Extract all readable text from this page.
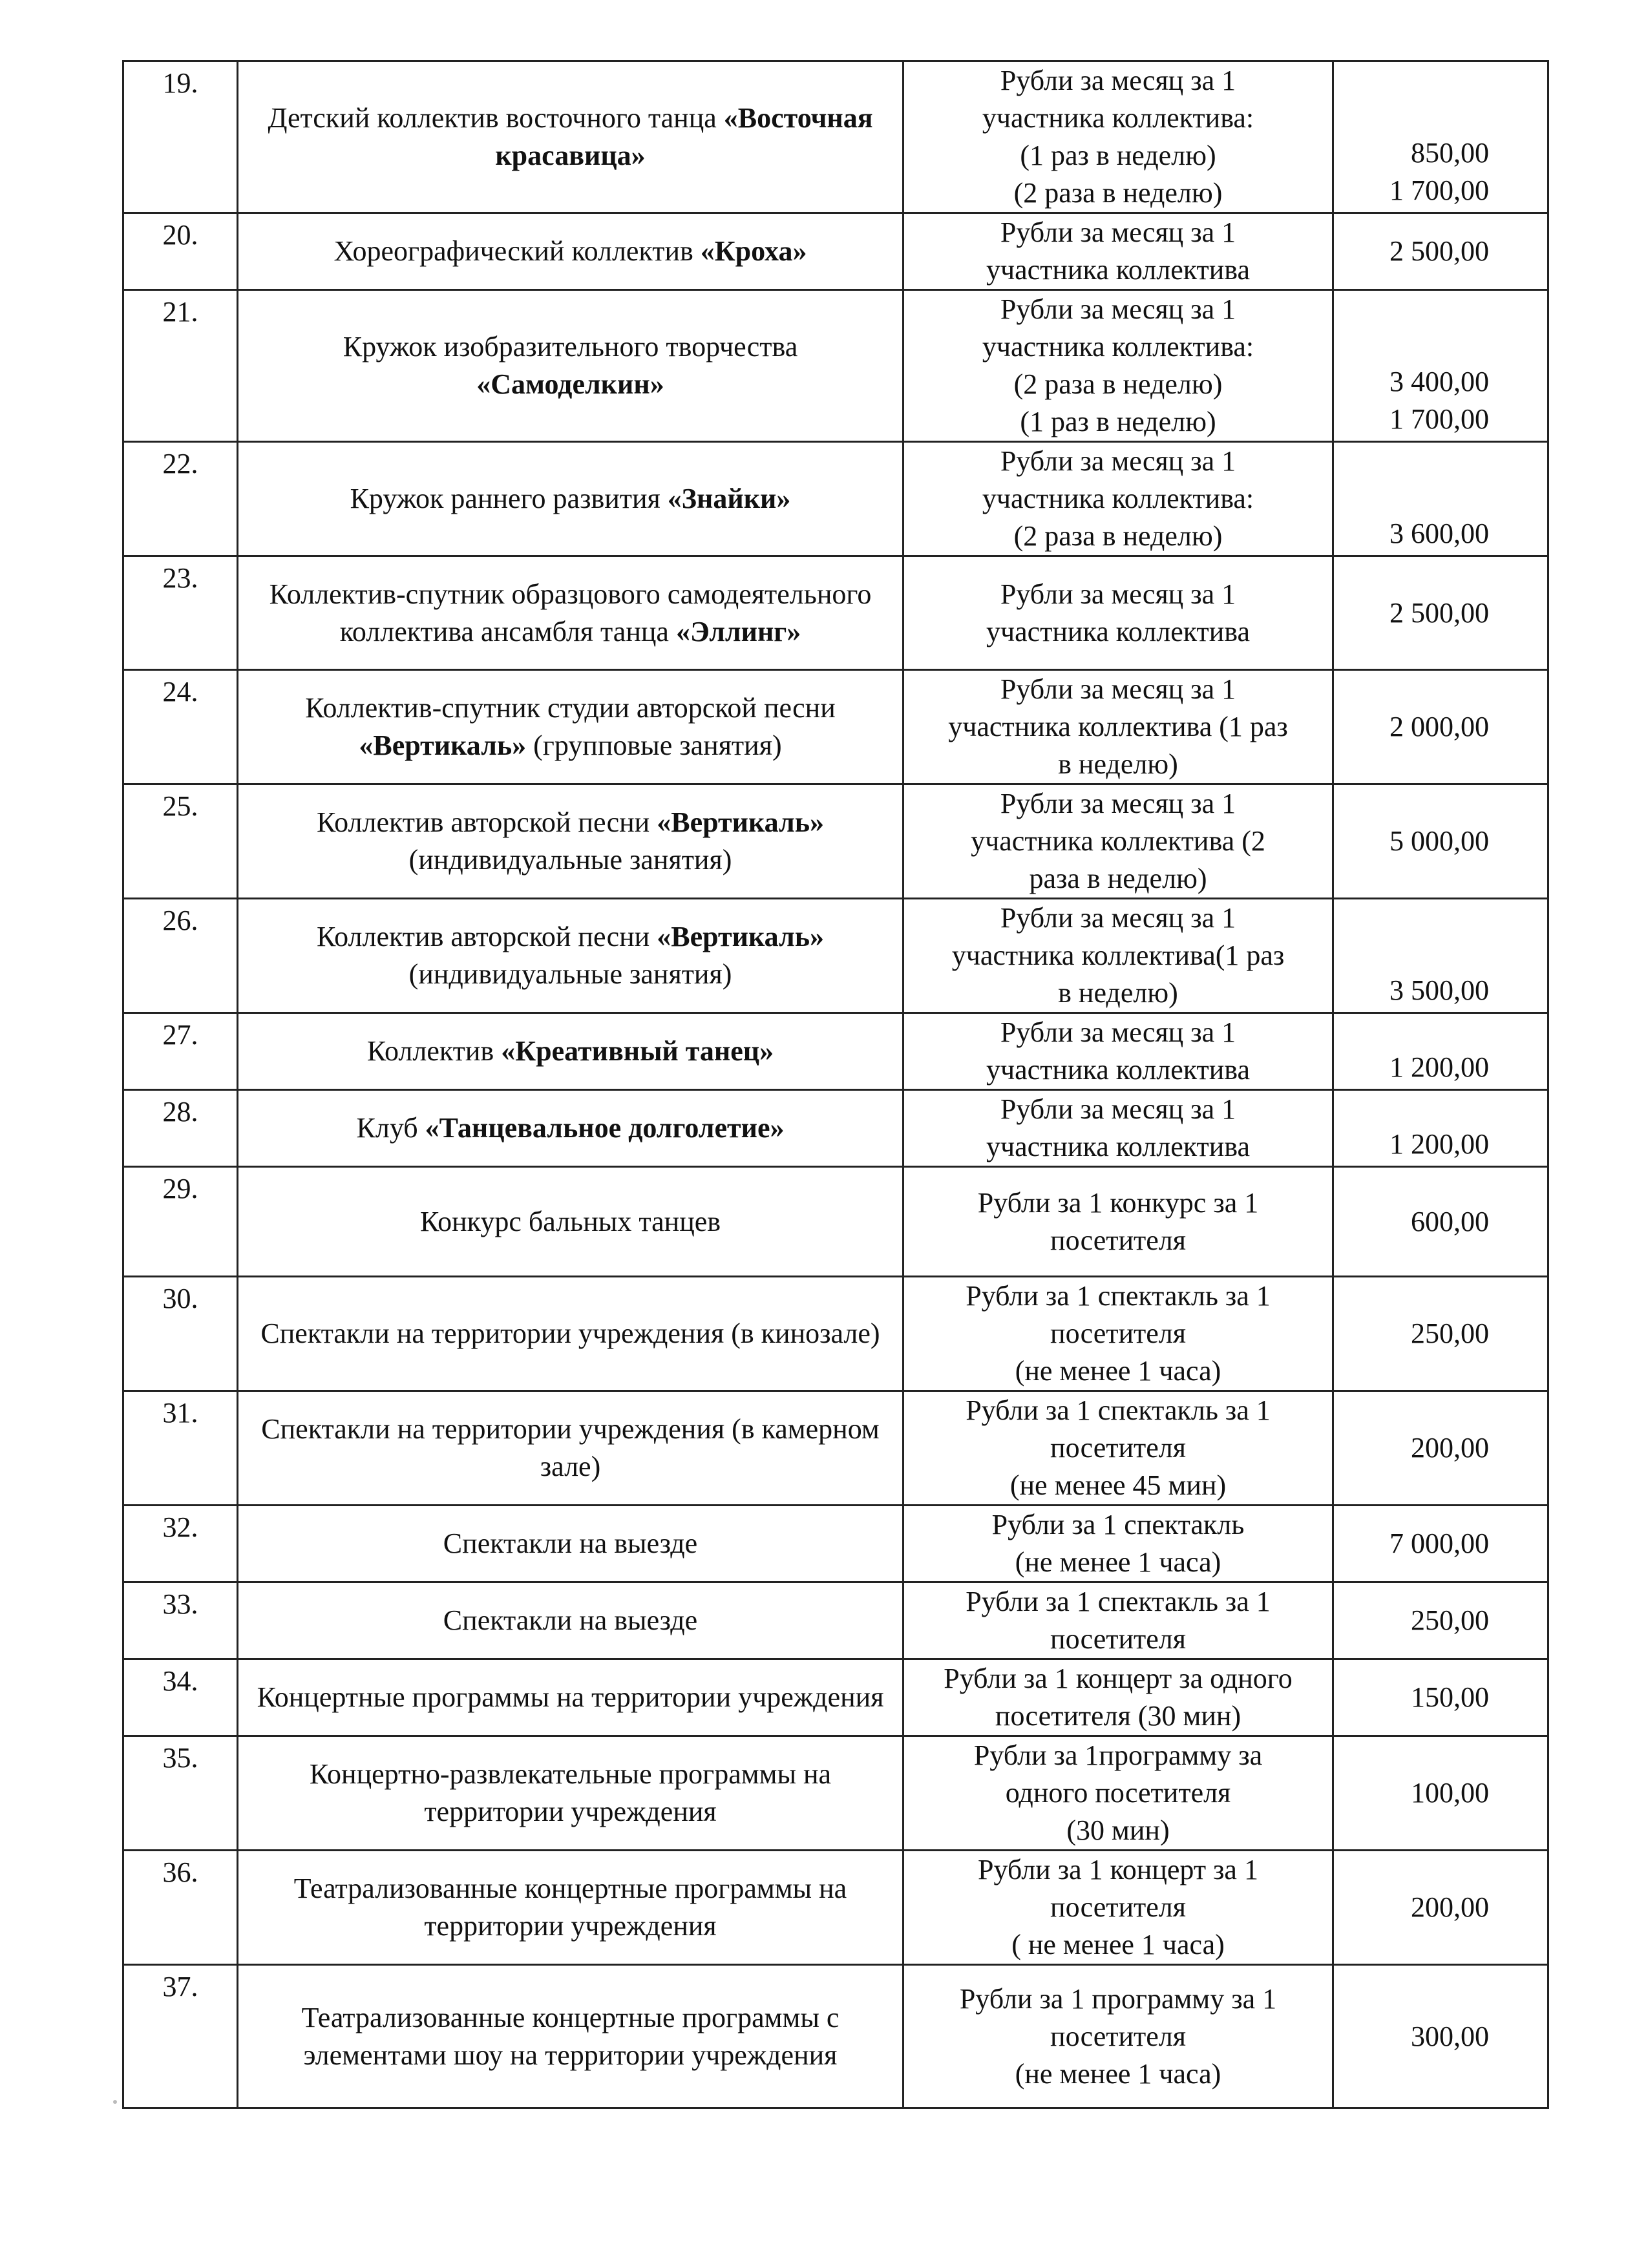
19.	Детский коллектив восточного танца «Восточная красавица»	Рубли за месяц за 1
участника коллектива:
(1 раз в неделю)
(2 раза в неделю)	850,00
1 700,00

20.	Хореографический коллектив «Кроха»	Рубли за месяц за 1
участника коллектива	2 500,00

21.	Кружок изобразительного творчества «Самоделкин»	Рубли за месяц за 1
участника коллектива:
(2 раза в неделю)
(1 раз в неделю)	3 400,00
1 700,00

22.	Кружок раннего развития «Знайки»	Рубли за месяц за 1
участника коллектива:
(2 раза в неделю)	3 600,00

23.	Коллектив-спутник образцового самодеятельного коллектива ансамбля танца «Эллинг»	Рубли за месяц за 1
участника коллектива	2 500,00

24.	Коллектив-спутник студии авторской песни «Вертикаль» (групповые занятия)	Рубли за месяц за 1
участника коллектива (1 раз
в неделю)	2 000,00

25.	Коллектив авторской песни «Вертикаль» (индивидуальные занятия)	Рубли за месяц за 1
участника коллектива (2
раза в неделю)	5 000,00

26.	Коллектив авторской песни «Вертикаль» (индивидуальные занятия)	Рубли за месяц за 1
участника коллектива(1 раз
в неделю)	3 500,00

27.	Коллектив «Креативный танец»	Рубли за месяц за 1
участника коллектива	1 200,00

28.	Клуб «Танцевальное долголетие»	Рубли за месяц за 1
участника коллектива	1 200,00

29.	Конкурс бальных танцев	Рубли за 1 конкурс за 1
посетителя	600,00

30.	Спектакли на территории учреждения (в кинозале)	Рубли за 1 спектакль за 1
посетителя
(не менее 1 часа)	250,00

31.	Спектакли на территории учреждения (в камерном зале)	Рубли за 1 спектакль за 1
посетителя
(не менее 45 мин)	200,00

32.	Спектакли на выезде	Рубли за 1 спектакль
(не менее 1 часа)	7 000,00

33.	Спектакли на выезде	Рубли за 1 спектакль за 1
посетителя	250,00

34.	Концертные программы на территории учреждения	Рубли за 1 концерт за одного
посетителя (30 мин)	150,00

35.	Концертно-развлекательные программы на территории учреждения	Рубли за 1программу за
одного посетителя
(30 мин)	100,00

36.	Театрализованные концертные программы на территории учреждения	Рубли за 1 концерт за 1
посетителя
( не менее 1 часа)	200,00

37.	Театрализованные концертные программы с элементами шоу на территории учреждения	Рубли за 1 программу за 1
посетителя
(не менее 1 часа)	300,00
